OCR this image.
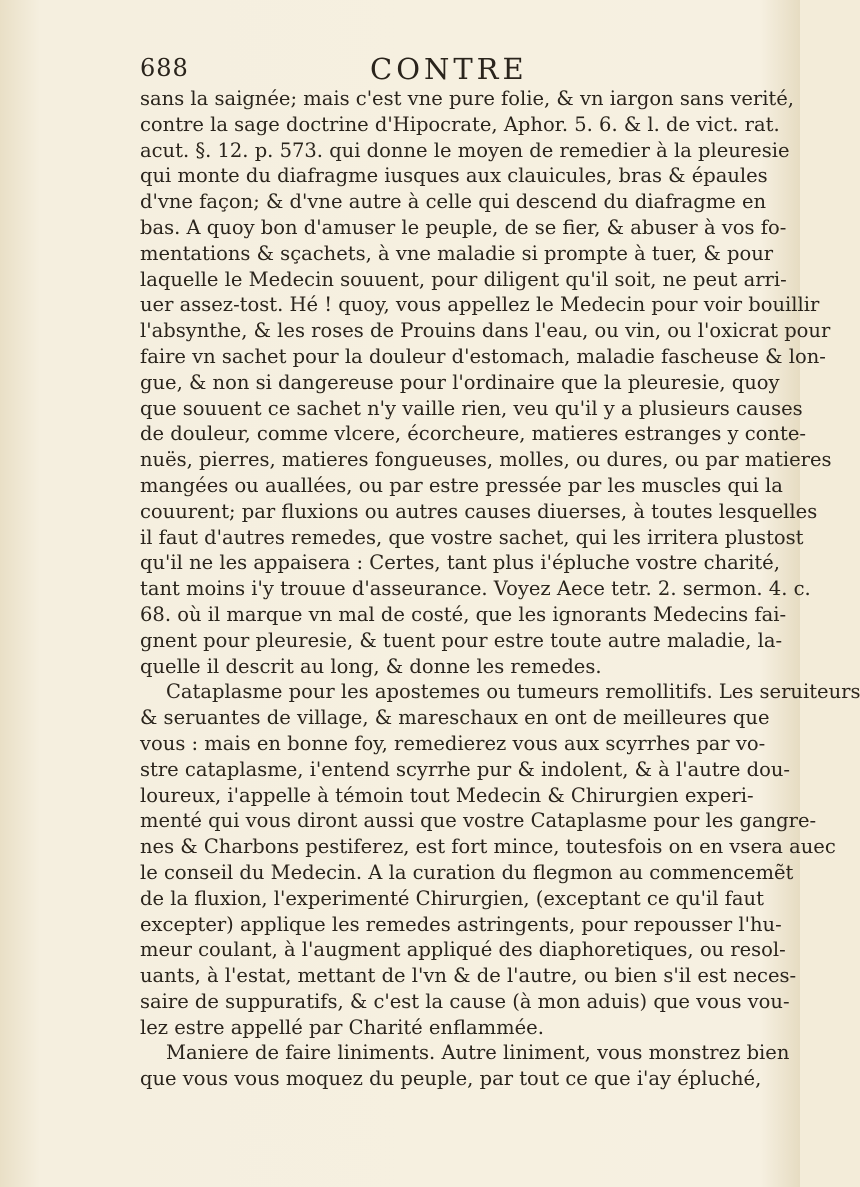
688	CONTRE
sans la saignée; mais c'est vne pure folie, & vn iargon sans verité,
contre la sage doctrine d'Hipocrate, Aphor. 5. 6. & l. de vict. rat.
acut. §. 12. p. 573. qui donne le moyen de remedier à la pleuresie
qui monte du diafragme iusques aux clauicules, bras & épaules
d'vne façon; & d'vne autre à celle qui descend du diafragme en
bas. A quoy bon d'amuser le peuple, de se fier, & abuser à vos fo-
mentations & sçachets, à vne maladie si prompte à tuer, & pour
laquelle le Medecin souuent, pour diligent qu'il soit, ne peut arri-
uer assez-tost. Hé ! quoy, vous appellez le Medecin pour voir bouillir
l'absynthe, & les roses de Prouins dans l'eau, ou vin, ou l'oxicrat pour
faire vn sachet pour la douleur d'estomach, maladie fascheuse & lon-
gue, & non si dangereuse pour l'ordinaire que la pleuresie, quoy
que souuent ce sachet n'y vaille rien, veu qu'il y a plusieurs causes
de douleur, comme vlcere, écorcheure, matieres estranges y conte-
nuës, pierres, matieres fongueuses, molles, ou dures, ou par matieres
mangées ou auallées, ou par estre pressée par les muscles qui la
couurent; par fluxions ou autres causes diuerses, à toutes lesquelles
il faut d'autres remedes, que vostre sachet, qui les irritera plustost
qu'il ne les appaisera : Certes, tant plus i'épluche vostre charité,
tant moins i'y trouue d'asseurance. Voyez Aece tetr. 2. sermon. 4. c.
68. où il marque vn mal de costé, que les ignorants Medecins fai-
gnent pour pleuresie, & tuent pour estre toute autre maladie, la-
quelle il descrit au long, & donne les remedes.
Cataplasme pour les apostemes ou tumeurs remollitifs. Les seruiteurs
& seruantes de village, & mareschaux en ont de meilleures que
vous : mais en bonne foy, remedierez vous aux scyrrhes par vo-
stre cataplasme, i'entend scyrrhe pur & indolent, & à l'autre dou-
loureux, i'appelle à témoin tout Medecin & Chirurgien experi-
menté qui vous diront aussi que vostre Cataplasme pour les gangre-
nes & Charbons pestiferez, est fort mince, toutesfois on en vsera auec
le conseil du Medecin. A la curation du flegmon au commencemẽt
de la fluxion, l'experimenté Chirurgien, (exceptant ce qu'il faut
excepter) applique les remedes astringents, pour repousser l'hu-
meur coulant, à l'augment appliqué des diaphoretiques, ou resol-
uants, à l'estat, mettant de l'vn & de l'autre, ou bien s'il est neces-
saire de suppuratifs, & c'est la cause (à mon aduis) que vous vou-
lez estre appellé par Charité enflammée.
Maniere de faire liniments. Autre liniment, vous monstrez bien
que vous vous moquez du peuple, par tout ce que i'ay épluché,
